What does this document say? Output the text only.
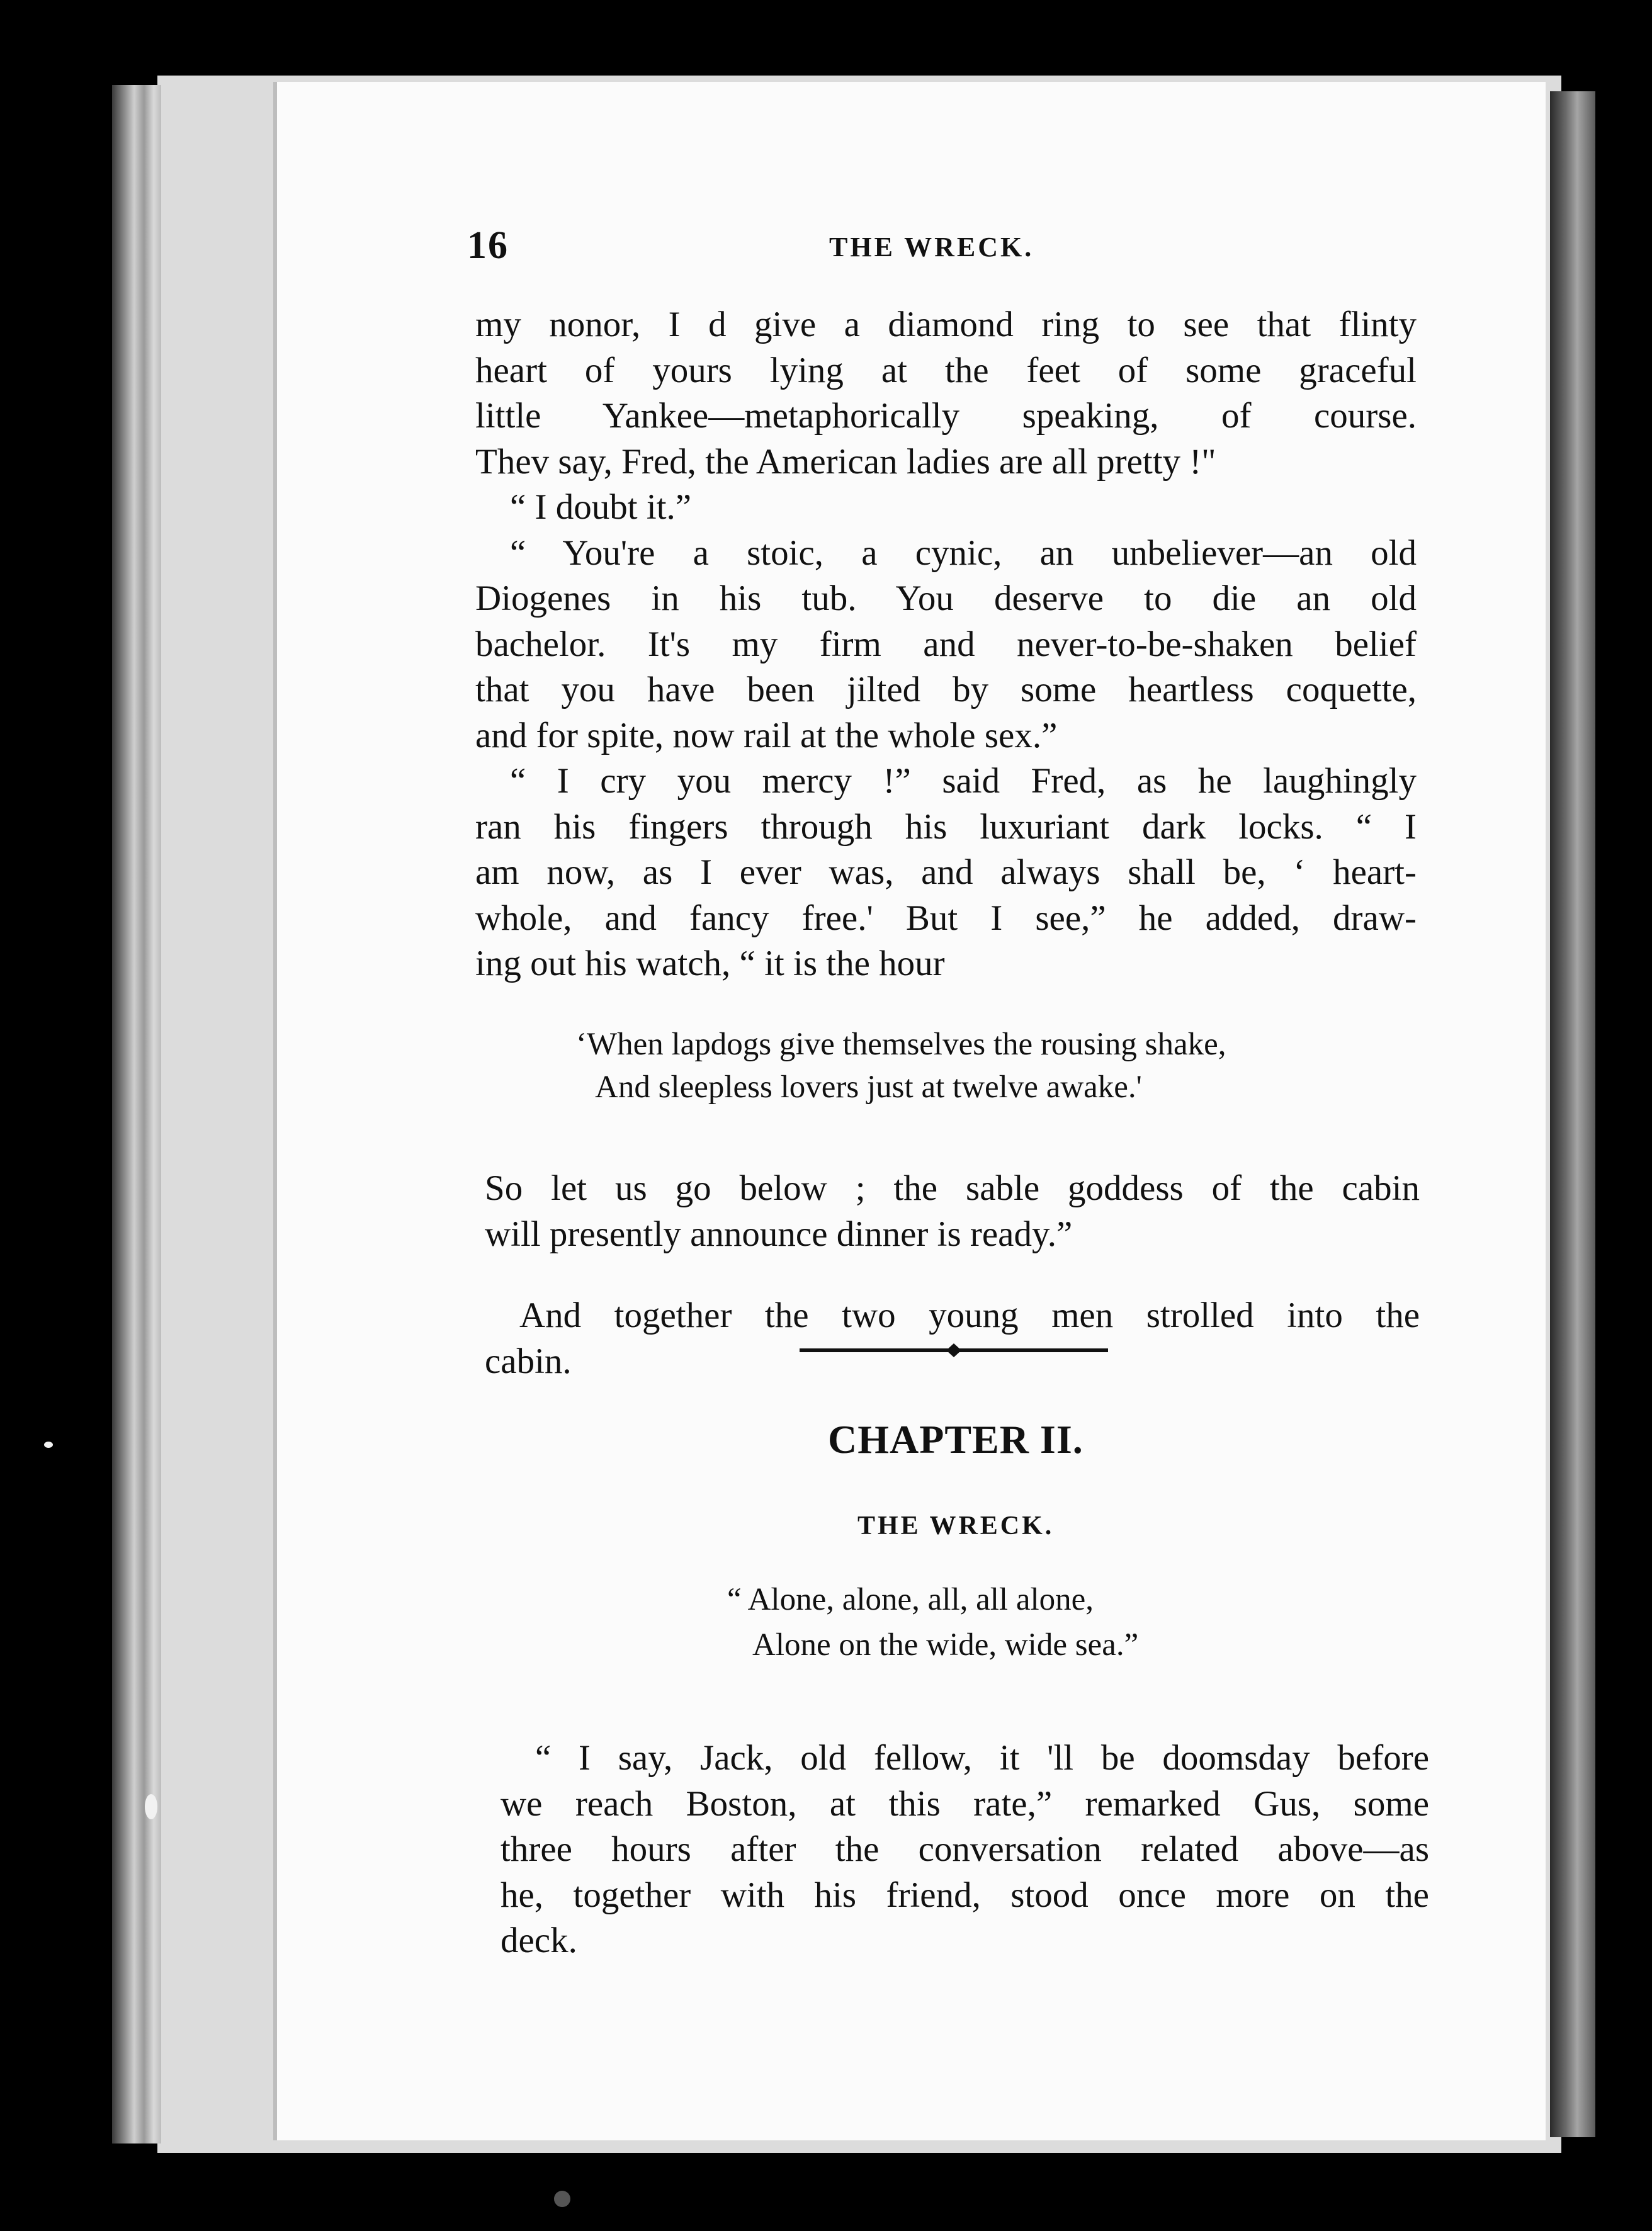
16	THE WRECK.

my nonor, I d give a diamond ring to see that flinty
heart of yours lying at the feet of some graceful
little Yankee—metaphorically speaking, of course.
Thev say, Fred, the American ladies are all pretty !"

“ I doubt it.”

“ You're a stoic, a cynic, an unbeliever—an old
Diogenes in his tub. You deserve to die an old
bachelor. It's my firm and never-to-be-shaken belief
that you have been jilted by some heartless coquette,
and for spite, now rail at the whole sex.”

“ I cry you mercy !” said Fred, as he laughingly
ran his fingers through his luxuriant dark locks. “ I
am now, as I ever was, and always shall be, ‘ heart-
whole, and fancy free.' But I see,” he added, draw-
ing out his watch, “ it is the hour

‘When lapdogs give themselves the rousing shake,
And sleepless lovers just at twelve awake.'

So let us go below ; the sable goddess of the cabin
will presently announce dinner is ready.”

And together the two young men strolled into the
cabin.

CHAPTER II.
THE WRECK.
“ Alone, alone, all, all alone,
Alone on the wide, wide sea.”

“ I say, Jack, old fellow, it 'll be doomsday before
we reach Boston, at this rate,” remarked Gus, some
three hours after the conversation related above—as
he, together with his friend, stood once more on the
deck.
